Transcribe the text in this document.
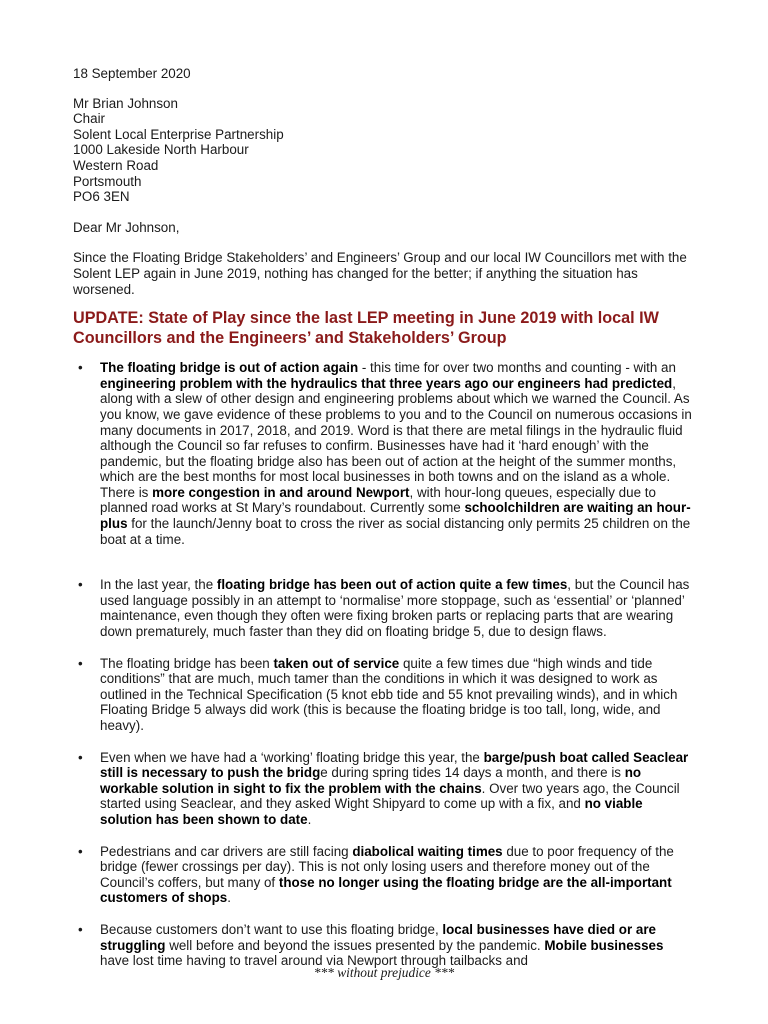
18 September 2020
Mr Brian Johnson
Chair
Solent Local Enterprise Partnership
1000 Lakeside North Harbour
Western Road
Portsmouth
PO6 3EN
Dear Mr Johnson,
Since the Floating Bridge Stakeholders’ and Engineers’ Group and our local IW Councillors met with the Solent LEP again in June 2019, nothing has changed for the better; if anything the situation has worsened.
UPDATE: State of Play since the last LEP meeting in June 2019 with local IW Councillors and the Engineers’ and Stakeholders’ Group
• The floating bridge is out of action again - this time for over two months and counting - with an engineering problem with the hydraulics that three years ago our engineers had predicted, along with a slew of other design and engineering problems about which we warned the Council. As you know, we gave evidence of these problems to you and to the Council on numerous occasions in many documents in 2017, 2018, and 2019. Word is that there are metal filings in the hydraulic fluid although the Council so far refuses to confirm. Businesses have had it ‘hard enough’ with the pandemic, but the floating bridge also has been out of action at the height of the summer months, which are the best months for most local businesses in both towns and on the island as a whole. There is more congestion in and around Newport, with hour-long queues, especially due to planned road works at St Mary’s roundabout. Currently some schoolchildren are waiting an hour-plus for the launch/Jenny boat to cross the river as social distancing only permits 25 children on the boat at a time.
• In the last year, the floating bridge has been out of action quite a few times, but the Council has used language possibly in an attempt to ‘normalise’ more stoppage, such as ‘essential’ or ‘planned’ maintenance, even though they often were fixing broken parts or replacing parts that are wearing down prematurely, much faster than they did on floating bridge 5, due to design flaws.
• The floating bridge has been taken out of service quite a few times due “high winds and tide conditions” that are much, much tamer than the conditions in which it was designed to work as outlined in the Technical Specification (5 knot ebb tide and 55 knot prevailing winds), and in which Floating Bridge 5 always did work (this is because the floating bridge is too tall, long, wide, and heavy).
• Even when we have had a ‘working’ floating bridge this year, the barge/push boat called Seaclear still is necessary to push the bridge during spring tides 14 days a month, and there is no workable solution in sight to fix the problem with the chains. Over two years ago, the Council started using Seaclear, and they asked Wight Shipyard to come up with a fix, and no viable solution has been shown to date.
• Pedestrians and car drivers are still facing diabolical waiting times due to poor frequency of the bridge (fewer crossings per day). This is not only losing users and therefore money out of the Council’s coffers, but many of those no longer using the floating bridge are the all-important customers of shops.
• Because customers don’t want to use this floating bridge, local businesses have died or are struggling well before and beyond the issues presented by the pandemic. Mobile businesses have lost time having to travel around via Newport through tailbacks and
*** without prejudice ***
